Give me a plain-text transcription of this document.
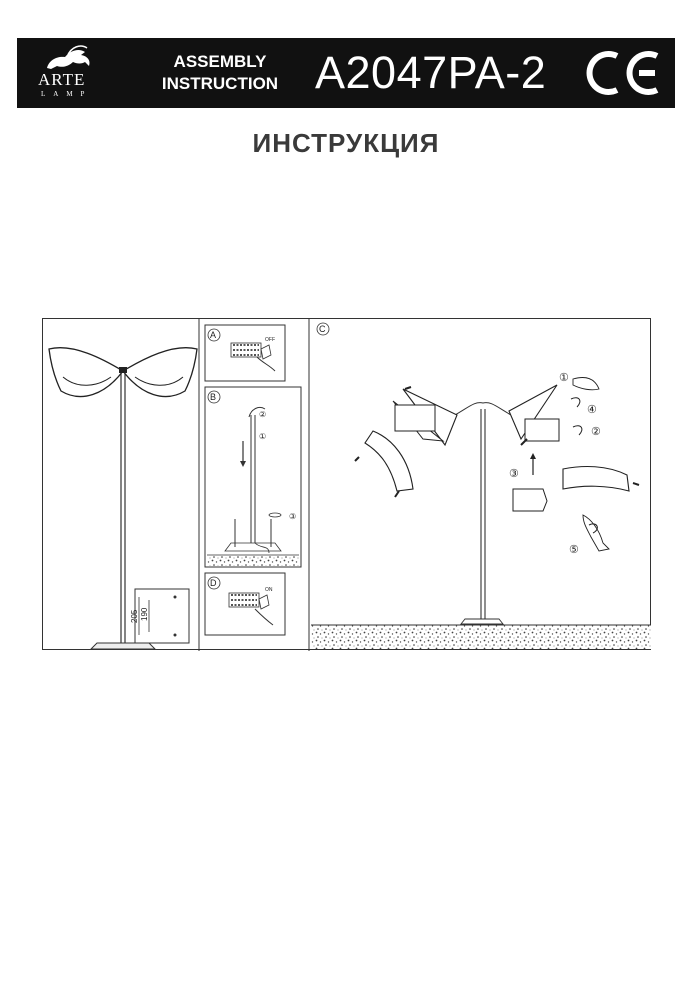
ARTE
LAMP
ASSEMBLY
INSTRUCTION A2047PA-2
ИНСТРУКЦИЯ
205 190
A	OFF
B
①
②
③
D
ON
C
③
①
④
②
⑤
